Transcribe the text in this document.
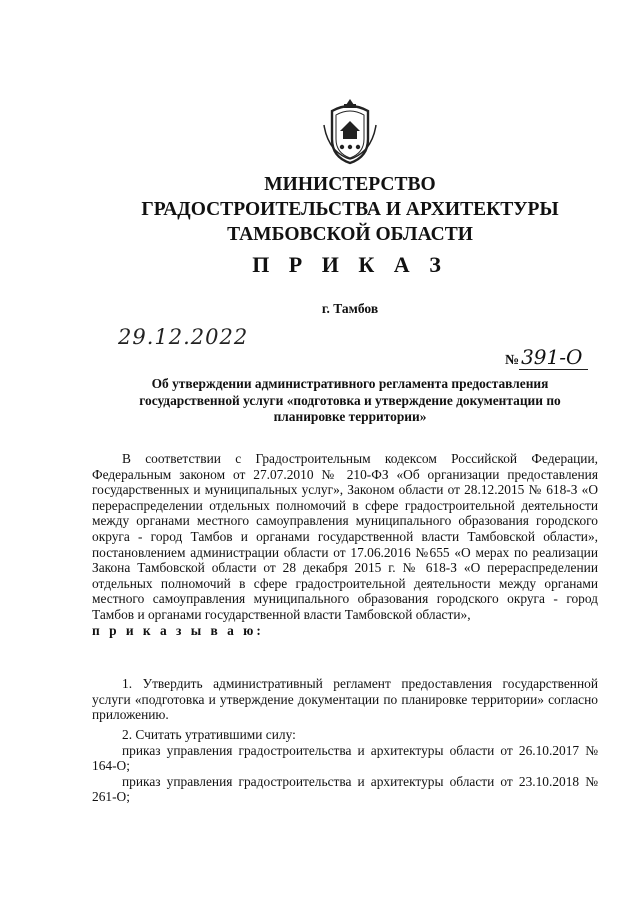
МИНИСТЕРСТВО
ГРАДОСТРОИТЕЛЬСТВА И АРХИТЕКТУРЫ
ТАМБОВСКОЙ ОБЛАСТИ
П Р И К А З
г. Тамбов
29.12.2022
№ 391-О
Об утверждении административного регламента предоставления
государственной услуги «подготовка и утверждение документации по
планировке территории»
В соответствии с Градостроительным кодексом Российской Федерации, Федеральным законом от 27.07.2010 № 210-ФЗ «Об организации предоставления государственных и муниципальных услуг», Законом области от 28.12.2015 № 618-З «О перераспределении отдельных полномочий в сфере градостроительной деятельности между органами местного самоуправления муниципального образования городского округа - город Тамбов и органами государственной власти Тамбовской области», постановлением администрации области от 17.06.2016 №655 «О мерах по реализации Закона Тамбовской области от 28 декабря 2015 г. № 618-З «О перераспределении отдельных полномочий в сфере градостроительной деятельности между органами местного самоуправления муниципального образования городского округа - город Тамбов и органами государственной власти Тамбовской области»,
п р и к а з ы в а ю:
1. Утвердить административный регламент предоставления государственной услуги «подготовка и утверждение документации по планировке территории» согласно приложению.
2. Считать утратившими силу:
приказ управления градостроительства и архитектуры области от 26.10.2017 № 164-О;
приказ управления градостроительства и архитектуры области от 23.10.2018 № 261-О;
